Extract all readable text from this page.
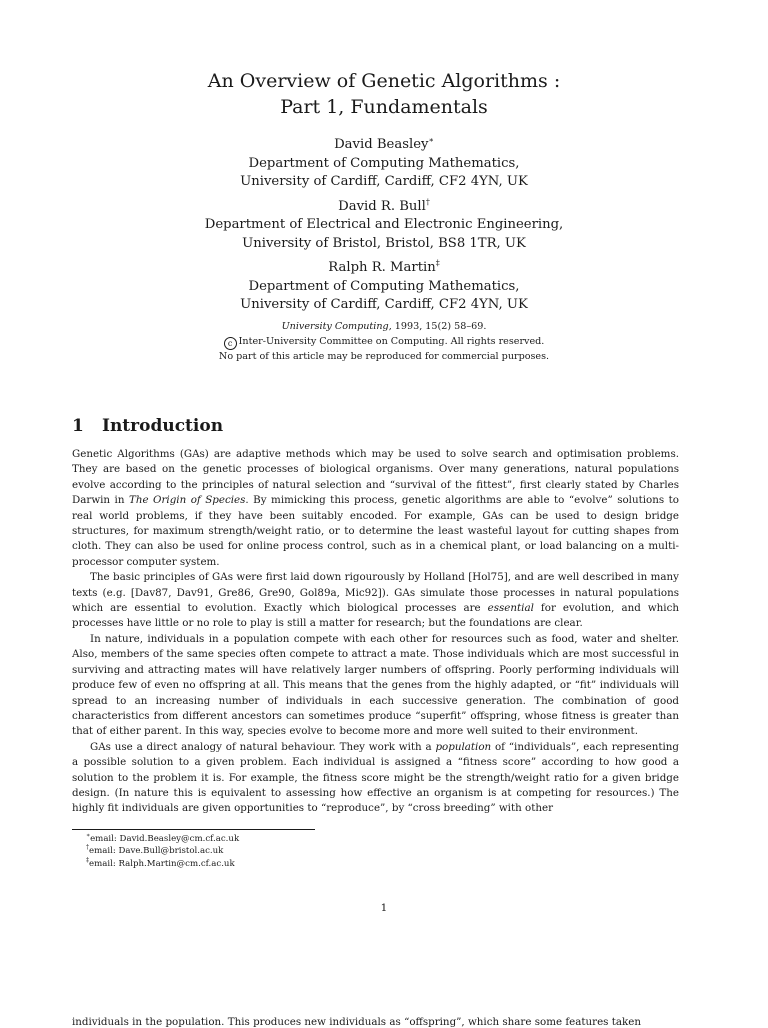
An Overview of Genetic Algorithms :
Part 1, Fundamentals
David Beasley∗
Department of Computing Mathematics,
University of Cardiff, Cardiff, CF2 4YN, UK
David R. Bull†
Department of Electrical and Electronic Engineering,
University of Bristol, Bristol, BS8 1TR, UK
Ralph R. Martin‡
Department of Computing Mathematics,
University of Cardiff, Cardiff, CF2 4YN, UK
University Computing, 1993, 15(2) 58–69.
c Inter-University Committee on Computing. All rights reserved.
No part of this article may be reproduced for commercial purposes.
1 Introduction

Genetic Algorithms (GAs) are adaptive methods which may be used to solve search and optimisation problems. They are based on the genetic processes of biological organisms. Over many generations, natural populations evolve according to the principles of natural selection and “survival of the fittest”, first clearly stated by Charles Darwin in The Origin of Species. By mimicking this process, genetic algorithms are able to “evolve” solutions to real world problems, if they have been suitably encoded. For example, GAs can be used to design bridge structures, for maximum strength/weight ratio, or to determine the least wasteful layout for cutting shapes from cloth. They can also be used for online process control, such as in a chemical plant, or load balancing on a multi-processor computer system.

The basic principles of GAs were first laid down rigourously by Holland [Hol75], and are well described in many texts (e.g. [Dav87, Dav91, Gre86, Gre90, Gol89a, Mic92]). GAs simulate those processes in natural populations which are essential to evolution. Exactly which biological processes are essential for evolution, and which processes have little or no role to play is still a matter for research; but the foundations are clear.

In nature, individuals in a population compete with each other for resources such as food, water and shelter. Also, members of the same species often compete to attract a mate. Those individuals which are most successful in surviving and attracting mates will have relatively larger numbers of offspring. Poorly performing individuals will produce few of even no offspring at all. This means that the genes from the highly adapted, or “fit” individuals will spread to an increasing number of individuals in each successive generation. The combination of good characteristics from different ancestors can sometimes produce “superfit” offspring, whose fitness is greater than that of either parent. In this way, species evolve to become more and more well suited to their environment.

GAs use a direct analogy of natural behaviour. They work with a population of “individuals”, each representing a possible solution to a given problem. Each individual is assigned a “fitness score” according to how good a solution to the problem it is. For example, the fitness score might be the strength/weight ratio for a given bridge design. (In nature this is equivalent to assessing how effective an organism is at competing for resources.) The highly fit individuals are given opportunities to “reproduce”, by “cross breeding” with other

∗email: David.Beasley@cm.cf.ac.uk
†email: Dave.Bull@bristol.ac.uk
‡email: Ralph.Martin@cm.cf.ac.uk
1
individuals in the population. This produces new individuals as “offspring”, which share some features taken
